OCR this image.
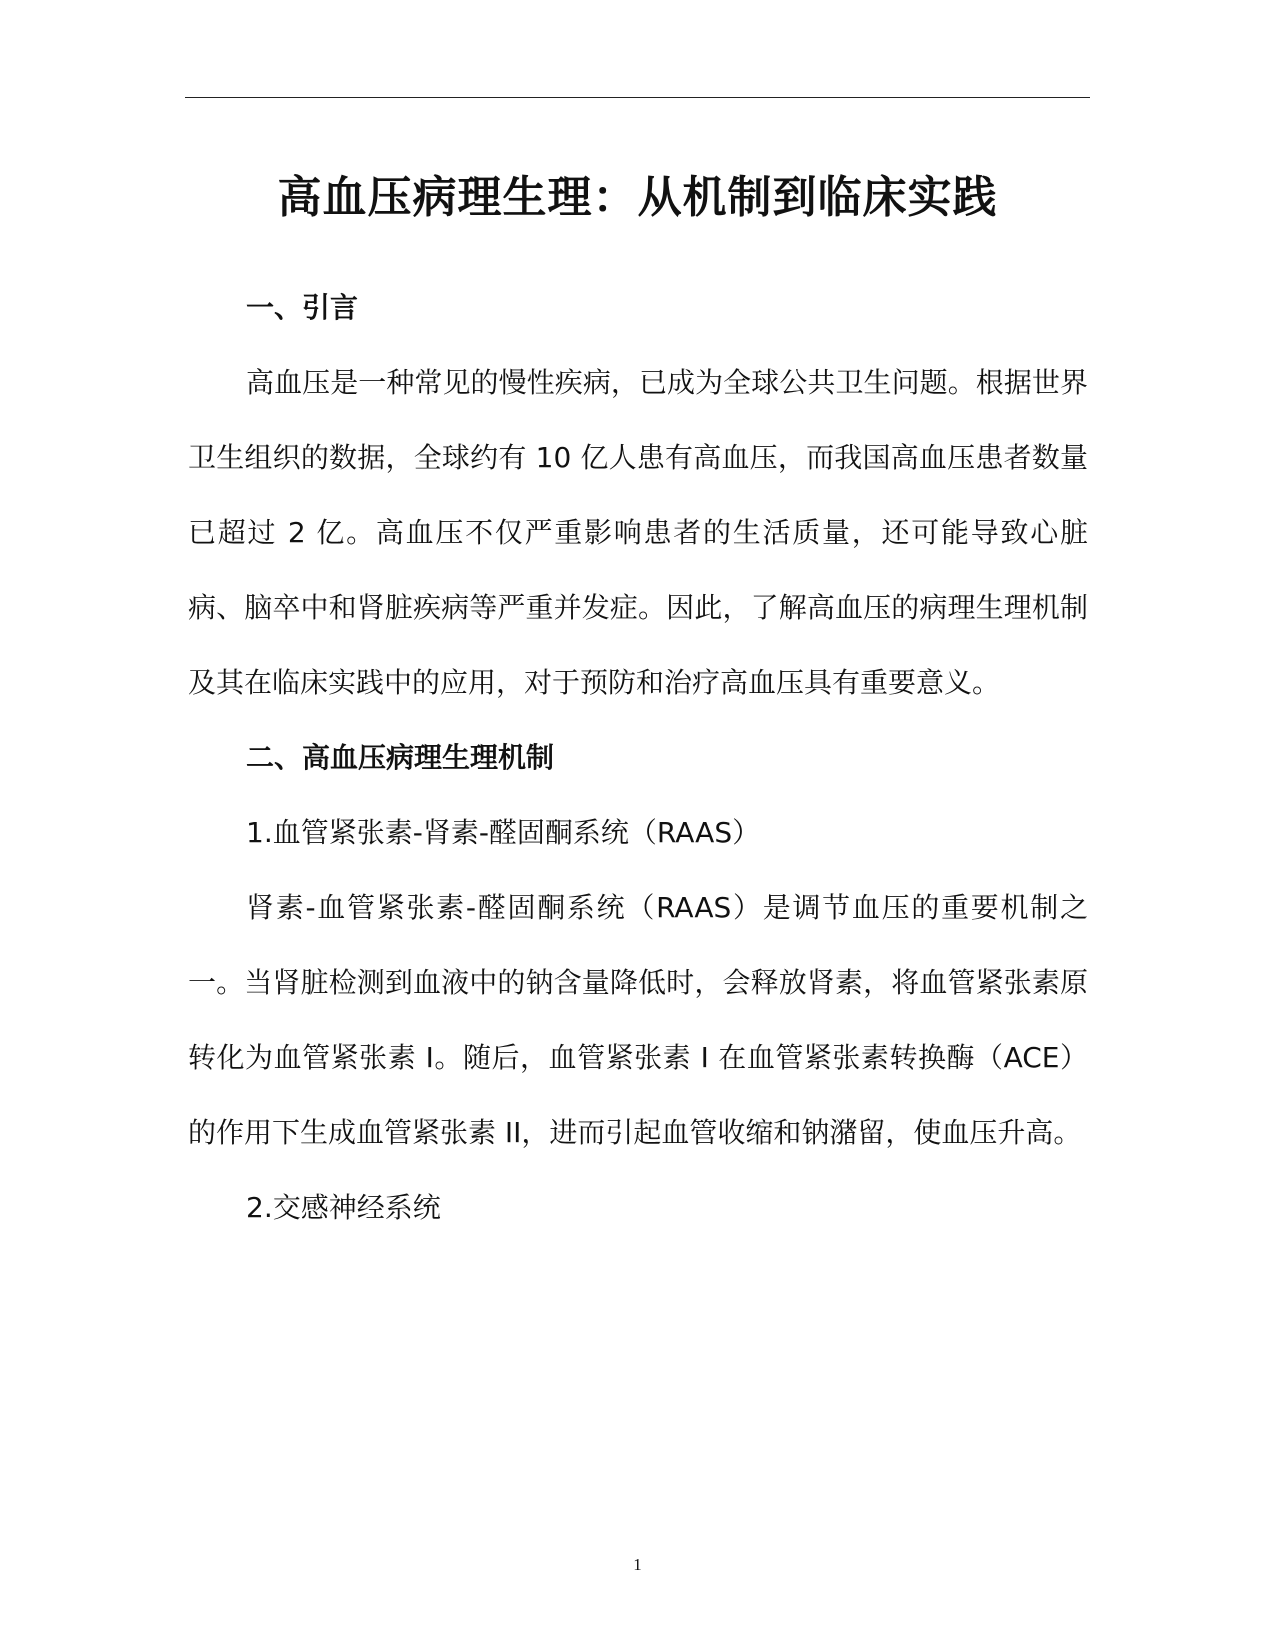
高血压病理生理：从机制到临床实践

一、引言

高血压是一种常见的慢性疾病，已成为全球公共卫生问题。根据世界卫生组织的数据，全球约有 10 亿人患有高血压，而我国高血压患者数量已超过 2 亿。高血压不仅严重影响患者的生活质量，还可能导致心脏病、脑卒中和肾脏疾病等严重并发症。因此，了解高血压的病理生理机制及其在临床实践中的应用，对于预防和治疗高血压具有重要意义。

二、高血压病理生理机制

1.血管紧张素-肾素-醛固酮系统（RAAS）

肾素-血管紧张素-醛固酮系统（RAAS）是调节血压的重要机制之一。当肾脏检测到血液中的钠含量降低时，会释放肾素，将血管紧张素原转化为血管紧张素 I。随后，血管紧张素 I 在血管紧张素转换酶（ACE）的作用下生成血管紧张素 II，进而引起血管收缩和钠潴留，使血压升高。

2.交感神经系统

1
